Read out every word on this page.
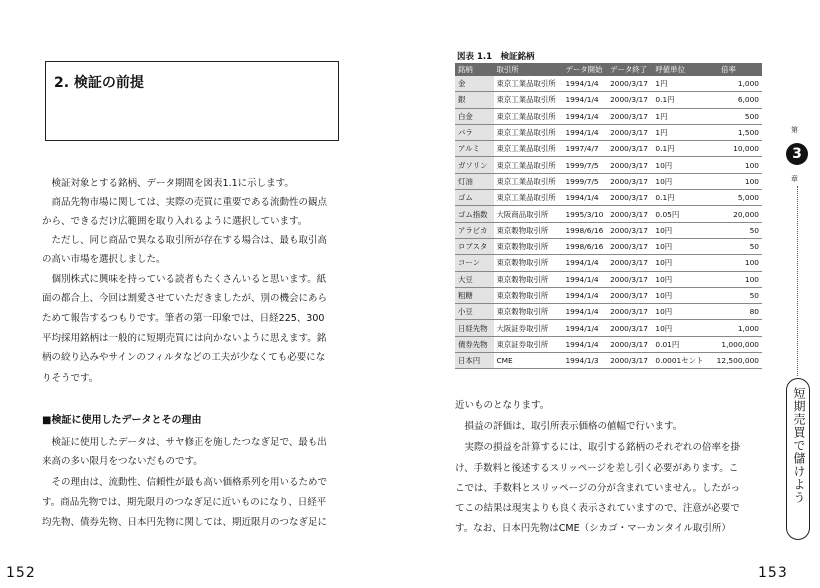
2. 検証の前提
　検証対象とする銘柄、データ期間を図表1.1に示します。
　商品先物市場に関しては、実際の売買に重要である流動性の観点
から、できるだけ広範囲を取り入れるように選択しています。
　ただし、同じ商品で異なる取引所が存在する場合は、最も取引高
の高い市場を選択しました。
　個別株式に興味を持っている読者もたくさんいると思います。紙
面の都合上、今回は割愛させていただきましたが、別の機会にあら
ためて報告するつもりです。筆者の第一印象では、日経225、300
平均採用銘柄は一般的に短期売買には向かないように思えます。銘
柄の絞り込みやサインのフィルタなどの工夫が少なくても必要にな
りそうです。
■検証に使用したデータとその理由
　検証に使用したデータは、サヤ修正を施したつなぎ足で、最も出
来高の多い限月をつないだものです。
　その理由は、流動性、信頼性が最も高い価格系列を用いるためで
す。商品先物では、期先限月のつなぎ足に近いものになり、日経平
均先物、債券先物、日本円先物に関しては、期近限月のつなぎ足に
152
図表 1.1　検証銘柄
銘柄	取引所	データ開始	データ終了	呼値単位	倍率
金	東京工業品取引所	1994/1/4	2000/3/17	1円	1,000
銀	東京工業品取引所	1994/1/4	2000/3/17	0.1円	6,000
白金	東京工業品取引所	1994/1/4	2000/3/17	1円	500
パラ	東京工業品取引所	1994/1/4	2000/3/17	1円	1,500
アルミ	東京工業品取引所	1997/4/7	2000/3/17	0.1円	10,000
ガソリン	東京工業品取引所	1999/7/5	2000/3/17	10円	100
灯油	東京工業品取引所	1999/7/5	2000/3/17	10円	100
ゴム	東京工業品取引所	1994/1/4	2000/3/17	0.1円	5,000
ゴム指数	大阪商品取引所	1995/3/10	2000/3/17	0.05円	20,000
アラビカ	東京穀物取引所	1998/6/16	2000/3/17	10円	50
ロブスタ	東京穀物取引所	1998/6/16	2000/3/17	10円	50
コーン	東京穀物取引所	1994/1/4	2000/3/17	10円	100
大豆	東京穀物取引所	1994/1/4	2000/3/17	10円	100
粗糖	東京穀物取引所	1994/1/4	2000/3/17	10円	50
小豆	東京穀物取引所	1994/1/4	2000/3/17	10円	80
日経先物	大阪証券取引所	1994/1/4	2000/3/17	10円	1,000
債券先物	東京証券取引所	1994/1/4	2000/3/17	0.01円	1,000,000
日本円	CME	1994/1/3	2000/3/17	0.0001セント	12,500,000
近いものとなります。
　損益の評価は、取引所表示価格の値幅で行います。
　実際の損益を計算するには、取引する銘柄のそれぞれの倍率を掛
け、手数料と後述するスリッページを差し引く必要があります。こ
こでは、手数料とスリッページの分が含まれていません。したがっ
てこの結果は現実よりも良く表示されていますので、注意が必要で
す。なお、日本円先物はCME（シカゴ・マーカンタイル取引所）
153
第
3
章
短期売買で儲けよう
